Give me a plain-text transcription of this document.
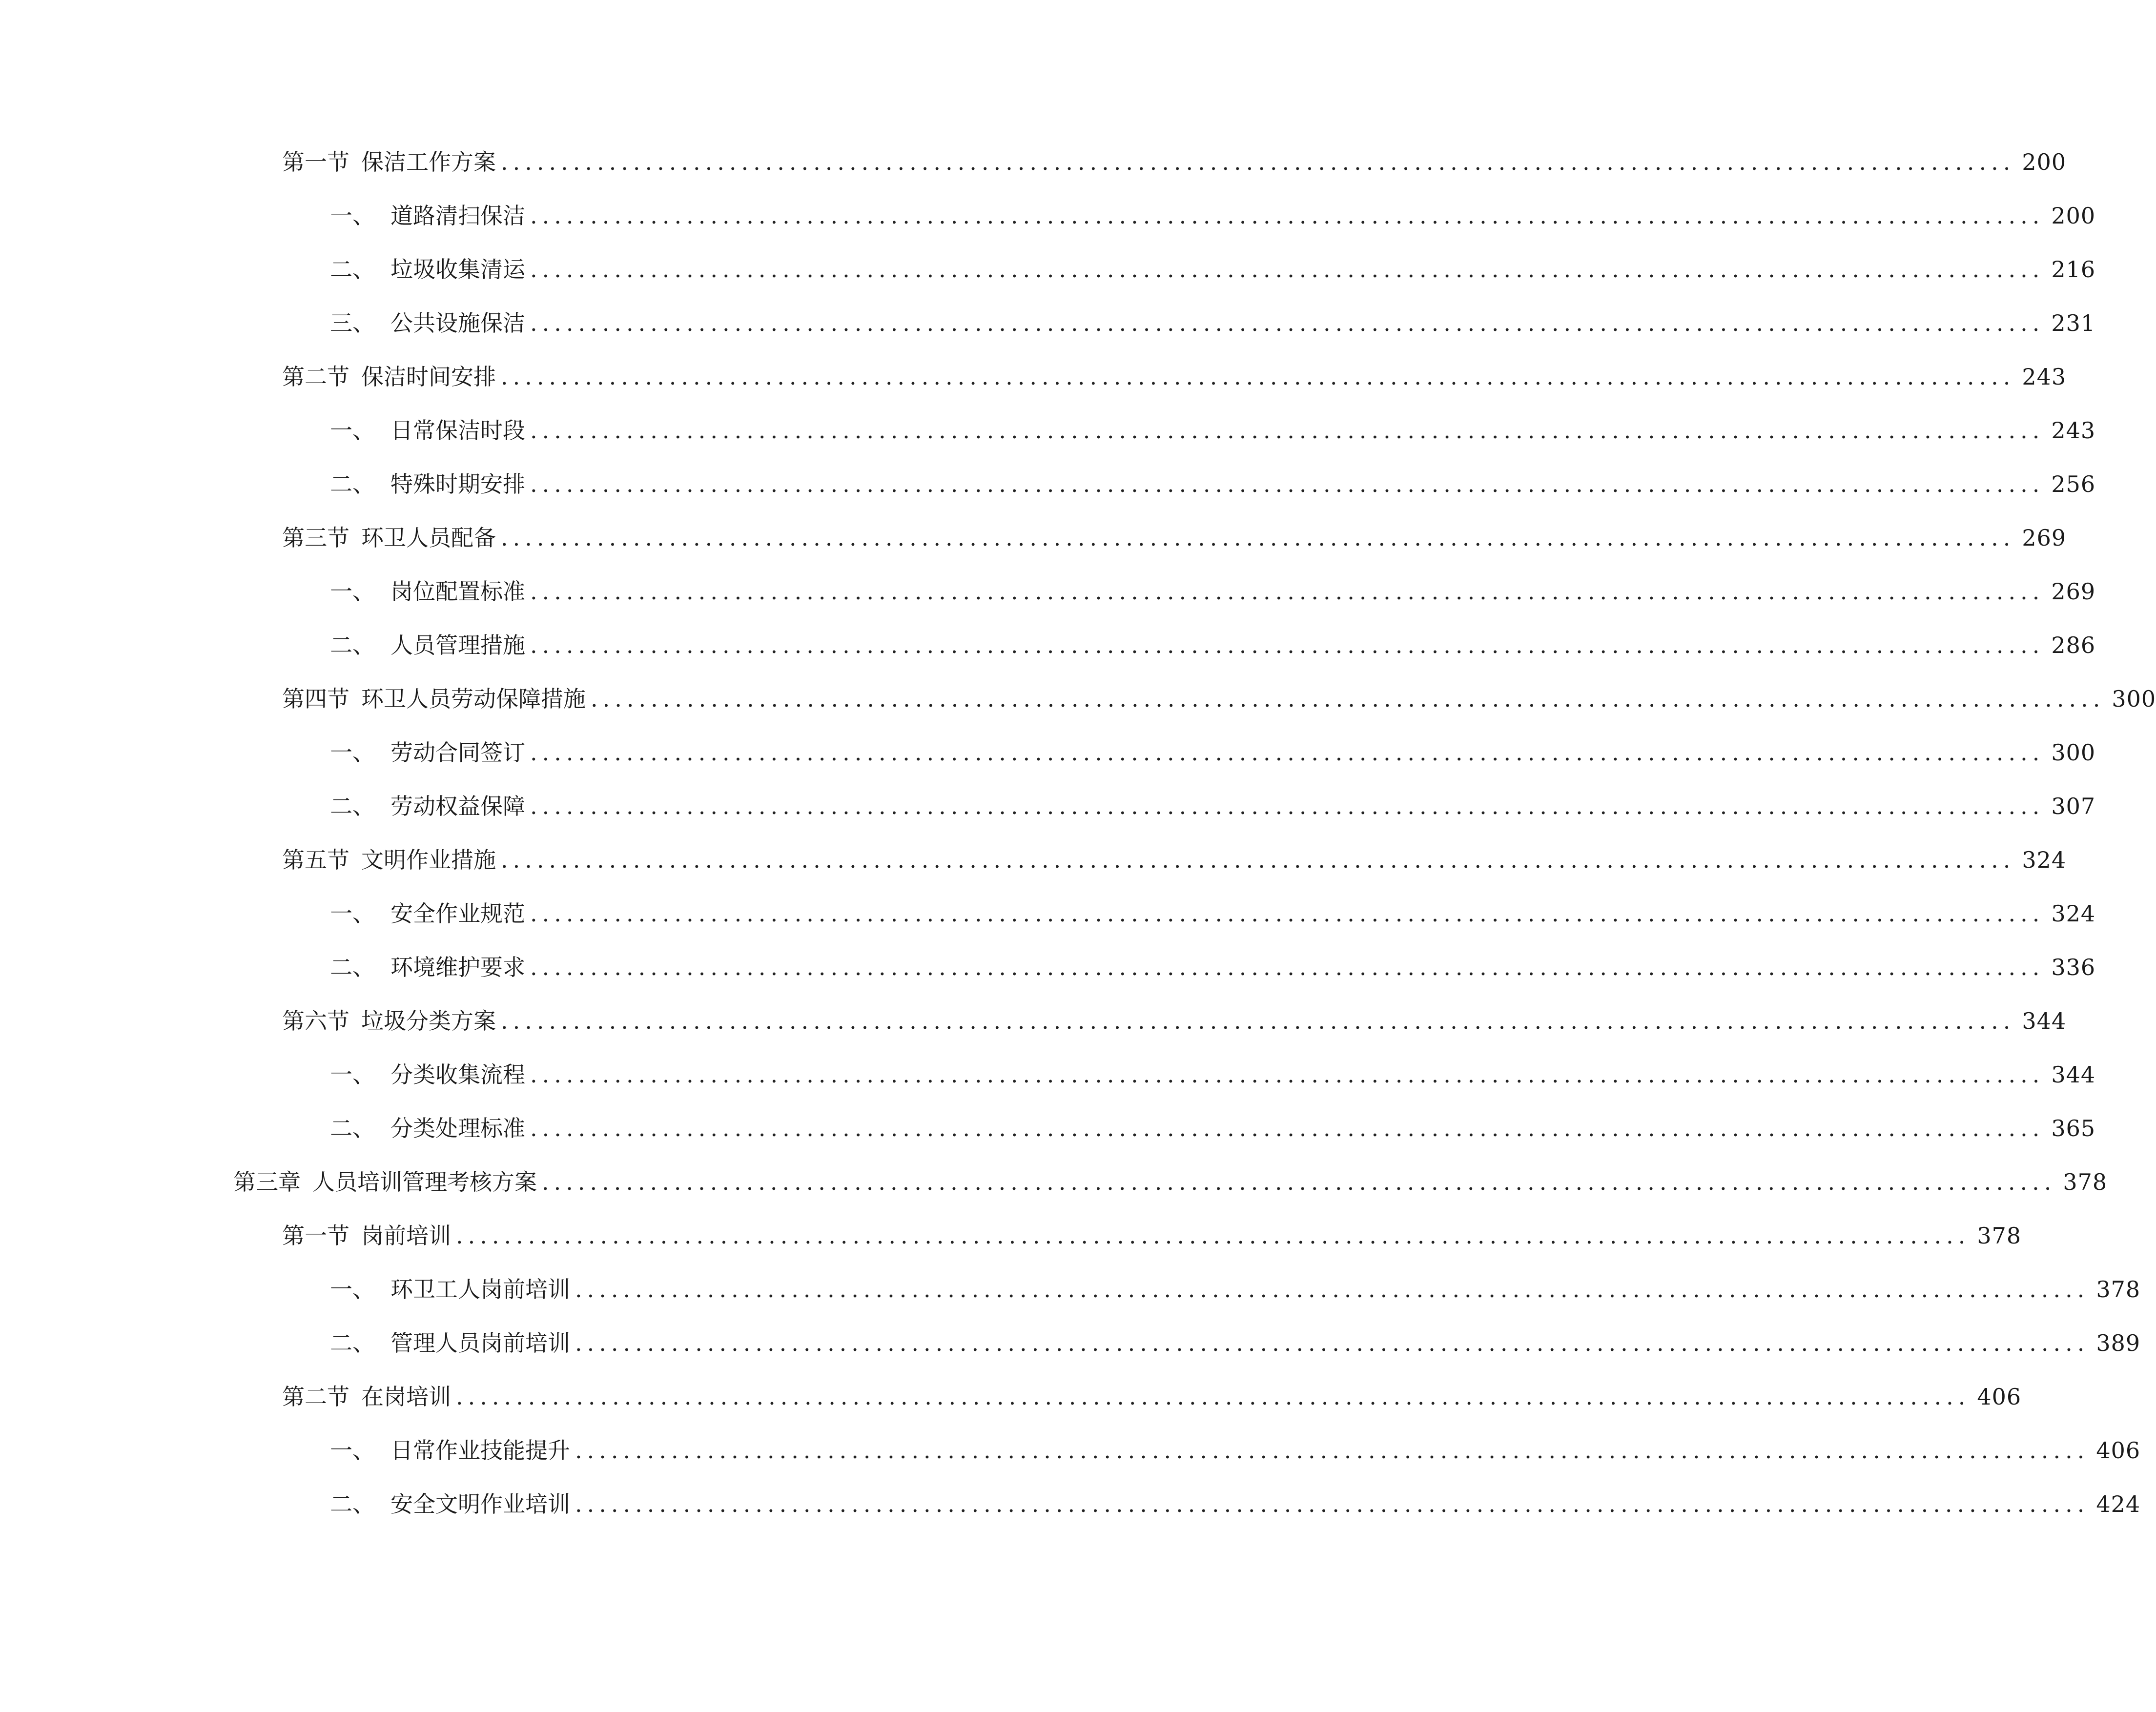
第一节 保洁工作方案 .............................................................................................................................. 200
一、 道路清扫保洁 .............................................................................................................................. 200
二、 垃圾收集清运 .............................................................................................................................. 216
三、 公共设施保洁 .............................................................................................................................. 231
第二节 保洁时间安排 .............................................................................................................................. 243
一、 日常保洁时段 .............................................................................................................................. 243
二、 特殊时期安排 .............................................................................................................................. 256
第三节 环卫人员配备 .............................................................................................................................. 269
一、 岗位配置标准 .............................................................................................................................. 269
二、 人员管理措施 .............................................................................................................................. 286
第四节 环卫人员劳动保障措施 .............................................................................................................................. 300
一、 劳动合同签订 .............................................................................................................................. 300
二、 劳动权益保障 .............................................................................................................................. 307
第五节 文明作业措施 .............................................................................................................................. 324
一、 安全作业规范 .............................................................................................................................. 324
二、 环境维护要求 .............................................................................................................................. 336
第六节 垃圾分类方案 .............................................................................................................................. 344
一、 分类收集流程 .............................................................................................................................. 344
二、 分类处理标准 .............................................................................................................................. 365
第三章 人员培训管理考核方案 .............................................................................................................................. 378
第一节 岗前培训 .............................................................................................................................. 378
一、 环卫工人岗前培训 .............................................................................................................................. 378
二、 管理人员岗前培训 .............................................................................................................................. 389
第二节 在岗培训 .............................................................................................................................. 406
一、 日常作业技能提升 .............................................................................................................................. 406
二、 安全文明作业培训 .............................................................................................................................. 424
